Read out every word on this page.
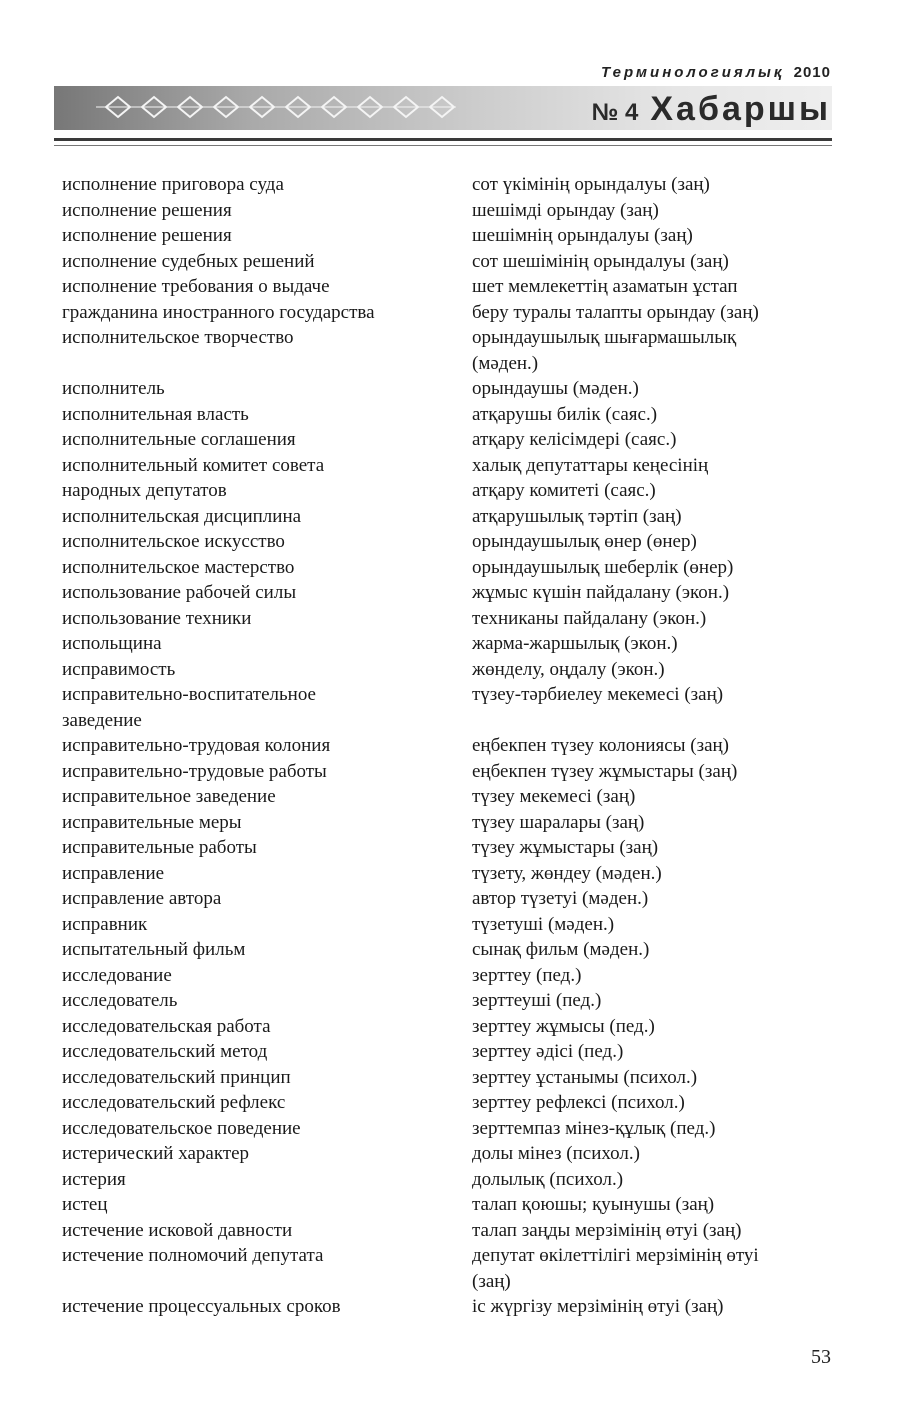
Терминологиялық 2010
№ 4 Хабаршы
исполнение приговора суда	сот үкімінің орындалуы (заң)
исполнение решения	шешімді орындау (заң)
исполнение решения	шешімнің орындалуы (заң)
исполнение судебных решений	сот шешімінің орындалуы (заң)
исполнение требования о выдаче	шет мемлекеттің азаматын ұстап
гражданина иностранного государства	беру туралы талапты орындау (заң)
исполнительское творчество	орындаушылық шығармашылық
(мәден.)
исполнитель	орындаушы (мәден.)
исполнительная власть	атқарушы билік (саяс.)
исполнительные соглашения	атқару келісімдері (саяс.)
исполнительный комитет совета	халық депутаттары кеңесінің
народных депутатов	атқару комитеті (саяс.)
исполнительская дисциплина	атқарушылық тәртіп (заң)
исполнительское искусство	орындаушылық өнер (өнер)
исполнительское мастерство	орындаушылық шеберлік (өнер)
использование рабочей силы	жұмыс күшін пайдалану (экон.)
использование техники	техниканы пайдалану (экон.)
испольщина	жарма-жаршылық (экон.)
исправимость	жөнделу, оңдалу (экон.)
исправительно-воспитательное	түзеу-тәрбиелеу мекемесі (заң)
заведение
исправительно-трудовая колония	еңбекпен түзеу колониясы (заң)
исправительно-трудовые работы	еңбекпен түзеу жұмыстары (заң)
исправительное заведение	түзеу мекемесі (заң)
исправительные меры	түзеу шаралары (заң)
исправительные работы	түзеу жұмыстары (заң)
исправление	түзету, жөндеу (мәден.)
исправление автора	автор түзетуі (мәден.)
исправник	түзетуші (мәден.)
испытательный фильм	сынақ фильм (мәден.)
исследование	зерттеу (пед.)
исследователь	зерттеуші (пед.)
исследовательская работа	зерттеу жұмысы (пед.)
исследовательский метод	зерттеу әдісі (пед.)
исследовательский принцип	зерттеу ұстанымы (психол.)
исследовательский рефлекс	зерттеу рефлексі (психол.)
исследовательское поведение	зерттемпаз мінез-құлық (пед.)
истерический характер	долы мінез (психол.)
истерия	долылық (психол.)
истец	талап қоюшы; қуынушы (заң)
истечение исковой давности	талап заңды мерзімінің өтуі (заң)
истечение полномочий депутата	депутат өкілеттілігі мерзімінің өтуі
(заң)
истечение процессуальных сроков	іс жүргізу мерзімінің өтуі (заң)
53
